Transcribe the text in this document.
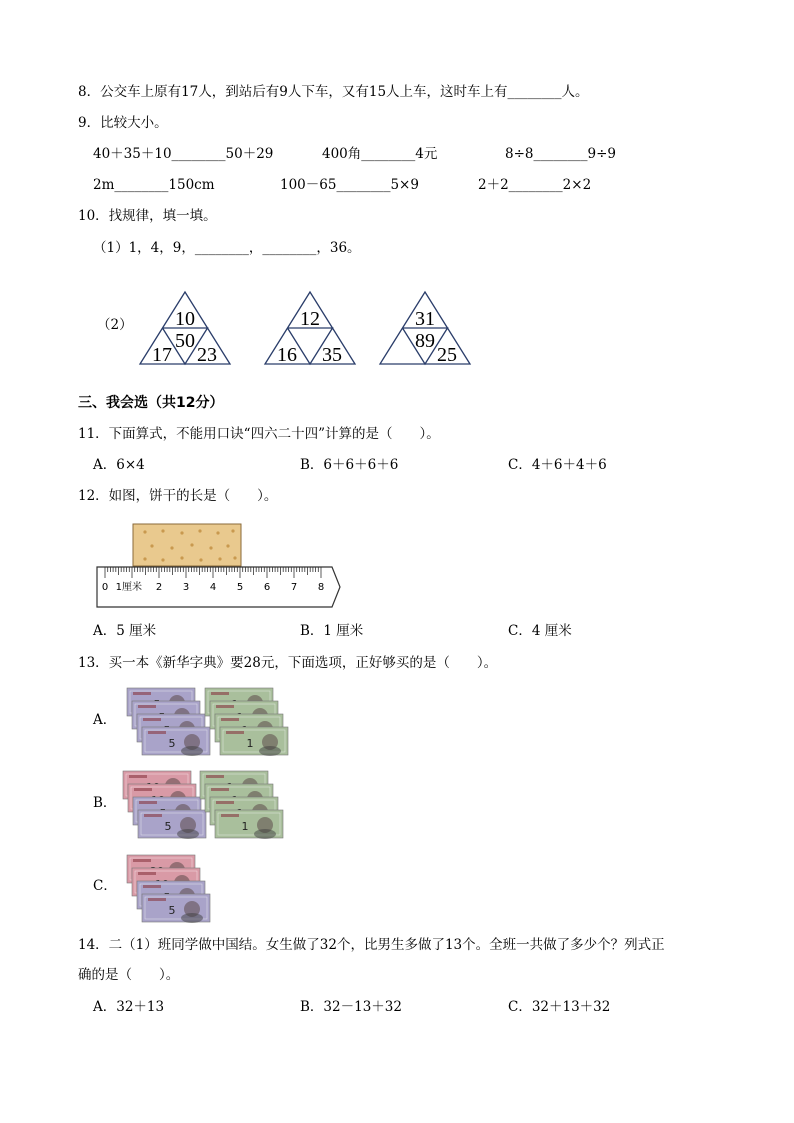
8．公交车上原有17人，到站后有9人下车，又有15人上车，这时车上有________人。
9．比较大小。
40＋35＋10________50＋29	400角________4元	8÷8________9÷9
2m________150cm	100－65________5×9	2＋2________2×2
10．找规律，填一填。
（1）1，4，9，________，________，36。
（2） 10
50
17 23
12
16 35
31
89
25
三、我会选（共12分）
11．下面算式，不能用口诀“四六二十四”计算的是（　　）。
A．6×4	B．6＋6＋6＋6	C．4＋6＋4＋6
12．如图，饼干的长是（　　）。
0 1厘米 2 3 4 5 6 7 8
A．5 厘米	B．1 厘米	C．4 厘米
13．买一本《新华字典》要28元，下面选项，正好够买的是（　　）。
A．
B．
C．
5	1
5	1
5
14．二（1）班同学做中国结。女生做了32个，比男生多做了13个。全班一共做了多少个？列式正
确的是（　　）。
A．32＋13	B．32－13＋32	C．32＋13＋32
